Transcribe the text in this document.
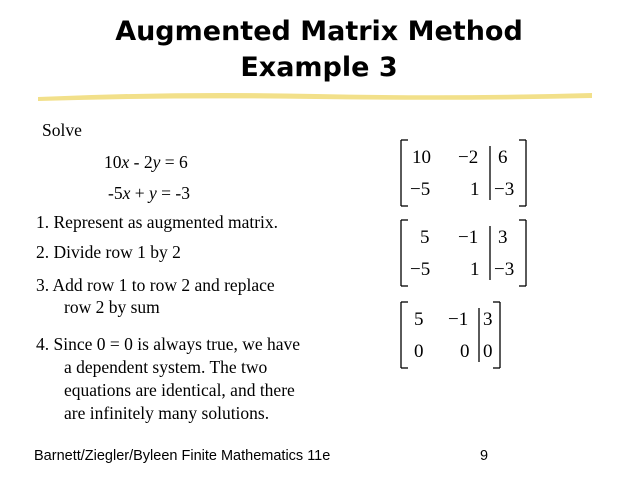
Augmented Matrix Method
Example 3
Solve
10x - 2y = 6
-5x + y = -3
1. Represent as augmented matrix.
2. Divide row 1 by 2
3. Add row 1 to row 2 and replace
row 2 by sum
4. Since 0 = 0 is always true, we have
a dependent system. The two
equations are identical, and there
are infinitely many solutions.
10 −2 6
−5 1 −3
5 −1 3
−5 1 −3
5 −1 3
0 0 0
Barnett/Ziegler/Byleen Finite Mathematics 11e	9
